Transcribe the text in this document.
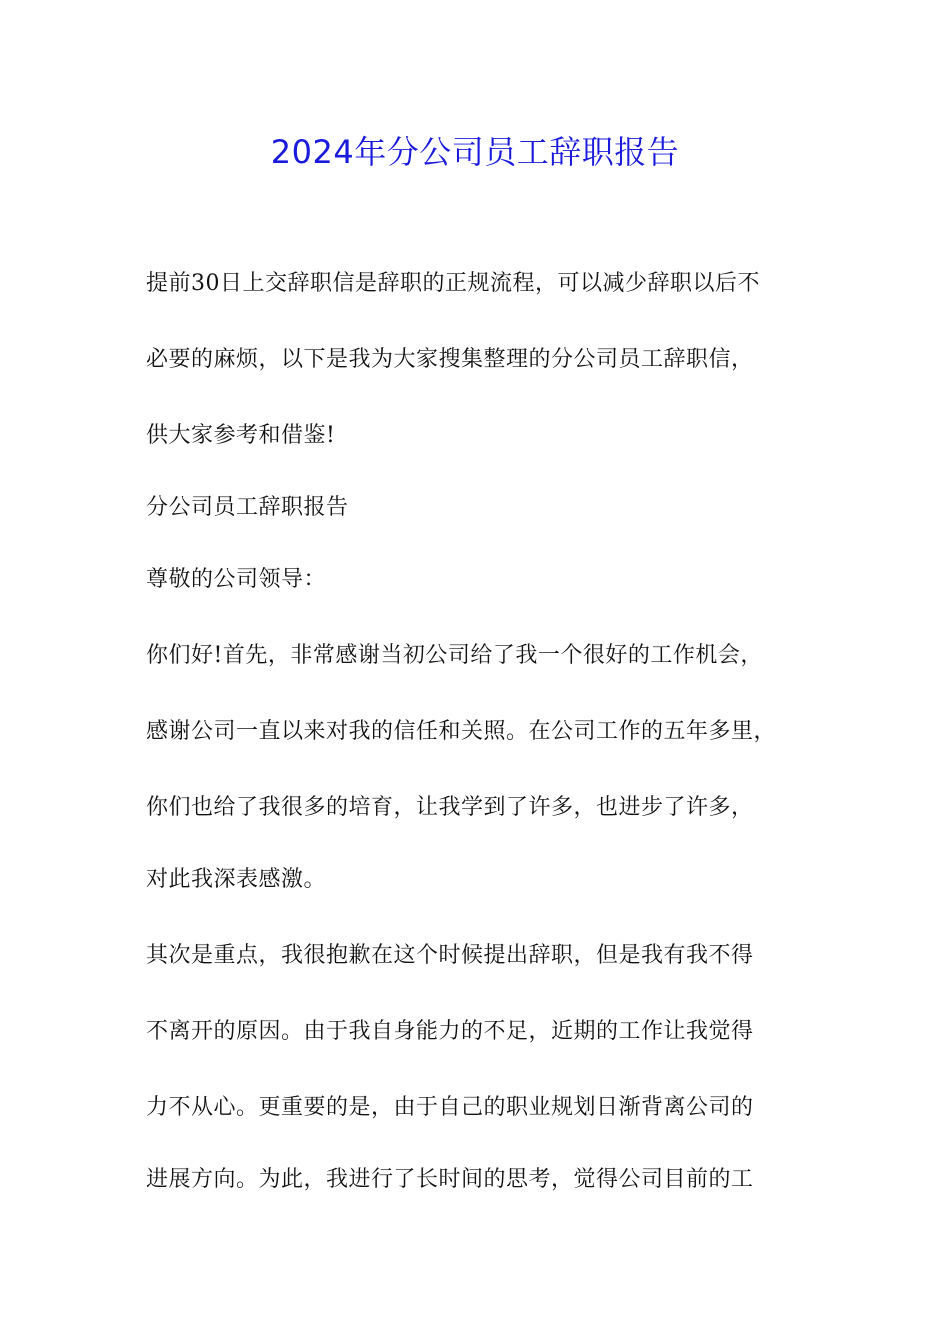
2024年分公司员工辞职报告
提前30日上交辞职信是辞职的正规流程，可以减少辞职以后不
必要的麻烦，以下是我为大家搜集整理的分公司员工辞职信，
供大家参考和借鉴!
分公司员工辞职报告
尊敬的公司领导：
你们好!首先，非常感谢当初公司给了我一个很好的工作机会，
感谢公司一直以来对我的信任和关照。在公司工作的五年多里，
你们也给了我很多的培育，让我学到了许多，也进步了许多，
对此我深表感激。
其次是重点，我很抱歉在这个时候提出辞职，但是我有我不得
不离开的原因。由于我自身能力的不足，近期的工作让我觉得
力不从心。更重要的是，由于自己的职业规划日渐背离公司的
进展方向。为此，我进行了长时间的思考，觉得公司目前的工
